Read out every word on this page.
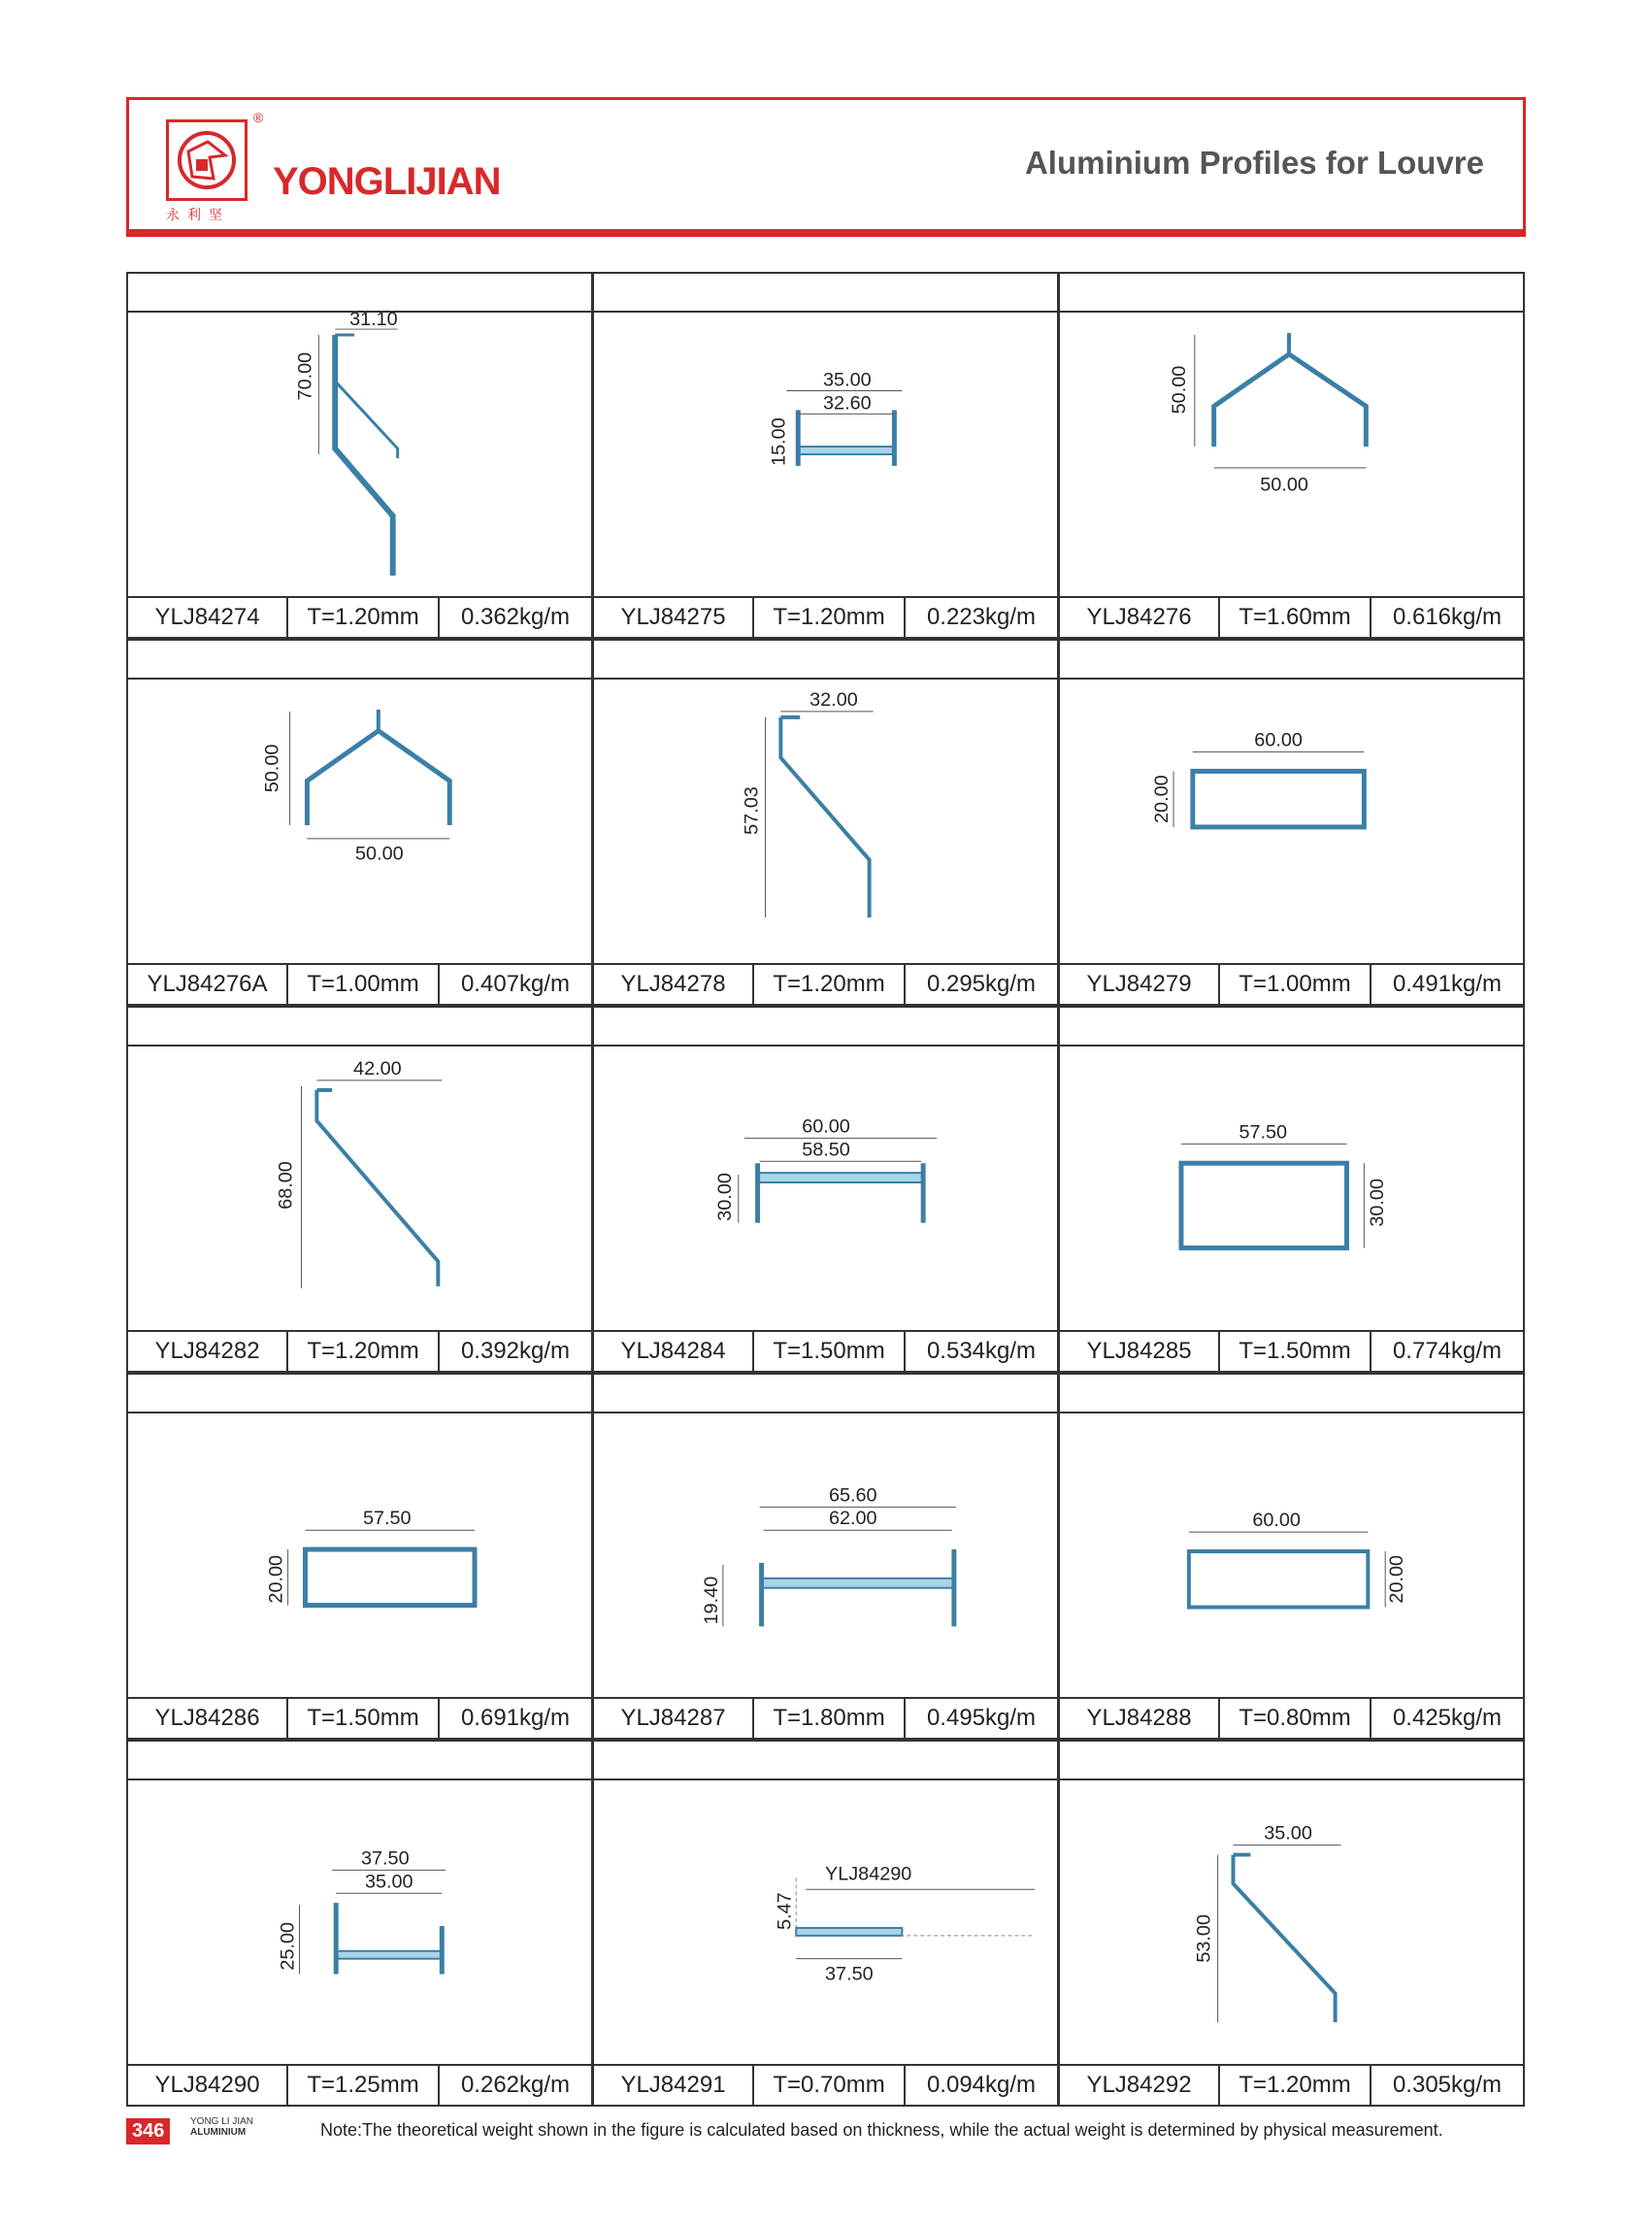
®
永利坚
YONGLIJIAN	Aluminium Profiles for Louvre
31.10
70.00
YLJ84274	T=1.20mm	0.362kg/m
35.00
32.60
15.00
YLJ84275	T=1.20mm	0.223kg/m
50.00
50.00
YLJ84276	T=1.60mm	0.616kg/m
50.00
50.00
YLJ84276A	T=1.00mm	0.407kg/m
32.00
57.03
YLJ84278	T=1.20mm	0.295kg/m
60.00
20.00
YLJ84279	T=1.00mm	0.491kg/m
42.00
68.00
YLJ84282	T=1.20mm	0.392kg/m
60.00
58.50
30.00
YLJ84284	T=1.50mm	0.534kg/m
57.50
30.00
YLJ84285	T=1.50mm	0.774kg/m
57.50
20.00
YLJ84286	T=1.50mm	0.691kg/m
65.60
62.00
19.40
YLJ84287	T=1.80mm	0.495kg/m
60.00
20.00
YLJ84288	T=0.80mm	0.425kg/m
37.50
35.00
25.00
YLJ84290	T=1.25mm	0.262kg/m
YLJ84290
37.50
5.47
YLJ84291	T=0.70mm	0.094kg/m
35.00
53.00
YLJ84292	T=1.20mm	0.305kg/m
346	YONG LI JIAN
ALUMINIUM	Note:The theoretical weight shown in the figure is calculated based on thickness, while the actual weight is determined by physical measurement.
